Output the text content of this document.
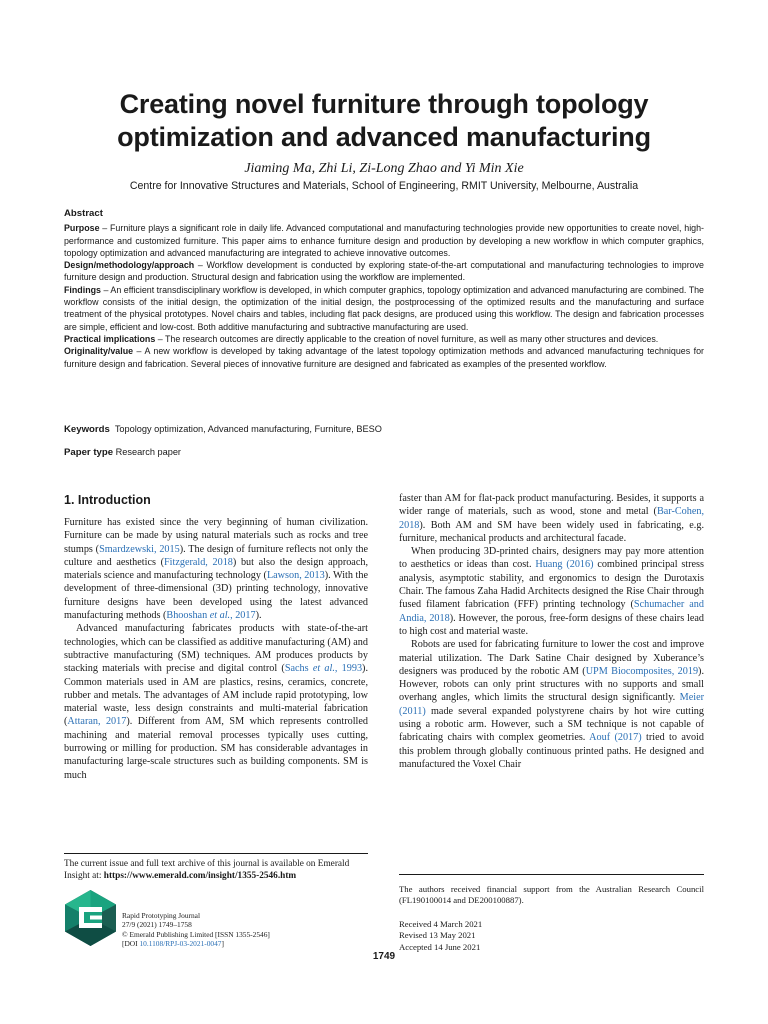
Creating novel furniture through topology
optimization and advanced manufacturing
Jiaming Ma, Zhi Li, Zi-Long Zhao and Yi Min Xie
Centre for Innovative Structures and Materials, School of Engineering, RMIT University, Melbourne, Australia
Abstract

Purpose – Furniture plays a significant role in daily life. Advanced computational and manufacturing technologies provide new opportunities to create novel, high-performance and customized furniture. This paper aims to enhance furniture design and production by developing a new workflow in which computer graphics, topology optimization and advanced manufacturing are integrated to achieve innovative outcomes.

Design/methodology/approach – Workflow development is conducted by exploring state-of-the-art computational and manufacturing technologies to improve furniture design and production. Structural design and fabrication using the workflow are implemented.

Findings – An efficient transdisciplinary workflow is developed, in which computer graphics, topology optimization and advanced manufacturing are combined. The workflow consists of the initial design, the optimization of the initial design, the postprocessing of the optimized results and the manufacturing and surface treatment of the physical prototypes. Novel chairs and tables, including flat pack designs, are produced using this workflow. The design and fabrication processes are simple, efficient and low-cost. Both additive manufacturing and subtractive manufacturing are used.

Practical implications – The research outcomes are directly applicable to the creation of novel furniture, as well as many other structures and devices.

Originality/value – A new workflow is developed by taking advantage of the latest topology optimization methods and advanced manufacturing techniques for furniture design and fabrication. Several pieces of innovative furniture are designed and fabricated as examples of the presented workflow.

Keywords Topology optimization, Advanced manufacturing, Furniture, BESO
Paper type Research paper
1. Introduction

Furniture has existed since the very beginning of human civilization. Furniture can be made by using natural materials such as rocks and tree stumps (Smardzewski, 2015). The design of furniture reflects not only the culture and aesthetics (Fitzgerald, 2018) but also the design approach, materials science and manufacturing technology (Lawson, 2013). With the development of three-dimensional (3D) printing technology, innovative furniture designs have been developed using the latest advanced manufacturing methods (Bhooshan et al., 2017).

Advanced manufacturing fabricates products with state-of-the-art technologies, which can be classified as additive manufacturing (AM) and subtractive manufacturing (SM) techniques. AM produces products by stacking materials with precise and digital control (Sachs et al., 1993). Common materials used in AM are plastics, resins, ceramics, concrete, rubber and metals. The advantages of AM include rapid prototyping, low material waste, less design constraints and multi-material fabrication (Attaran, 2017). Different from AM, SM which represents controlled machining and material removal processes typically uses cutting, burrowing or milling for production. SM has considerable advantages in manufacturing large-scale structures such as building components. SM is much

faster than AM for flat-pack product manufacturing. Besides, it supports a wider range of materials, such as wood, stone and metal (Bar-Cohen, 2018). Both AM and SM have been widely used in fabricating, e.g. furniture, mechanical products and architectural facade.

When producing 3D-printed chairs, designers may pay more attention to aesthetics or ideas than cost. Huang (2016) combined principal stress analysis, asymptotic stability, and ergonomics to design the Durotaxis Chair. The famous Zaha Hadid Architects designed the Rise Chair through fused filament fabrication (FFF) printing technology (Schumacher and Andia, 2018). However, the porous, free-form designs of these chairs lead to high cost and material waste.

Robots are used for fabricating furniture to lower the cost and improve material utilization. The Dark Satine Chair designed by Xuberance’s designers was produced by the robotic AM (UPM Biocomposites, 2019). However, robots can only print structures with no supports and small overhang angles, which limits the structural design significantly. Meier (2011) made several expanded polystyrene chairs by hot wire cutting using a robotic arm. However, such a SM technique is not capable of fabricating chairs with complex geometries. Aouf (2017) tried to avoid this problem through globally continuous printed paths. He designed and manufactured the Voxel Chair

The current issue and full text archive of this journal is available on Emerald Insight at: https://www.emerald.com/insight/1355-2546.htm
Rapid Prototyping Journal
27/9 (2021) 1749–1758
© Emerald Publishing Limited [ISSN 1355-2546]
[DOI 10.1108/RPJ-03-2021-0047]
The authors received financial support from the Australian Research Council (FL190100014 and DE200100887).
Received 4 March 2021
Revised 13 May 2021
Accepted 14 June 2021
1749
